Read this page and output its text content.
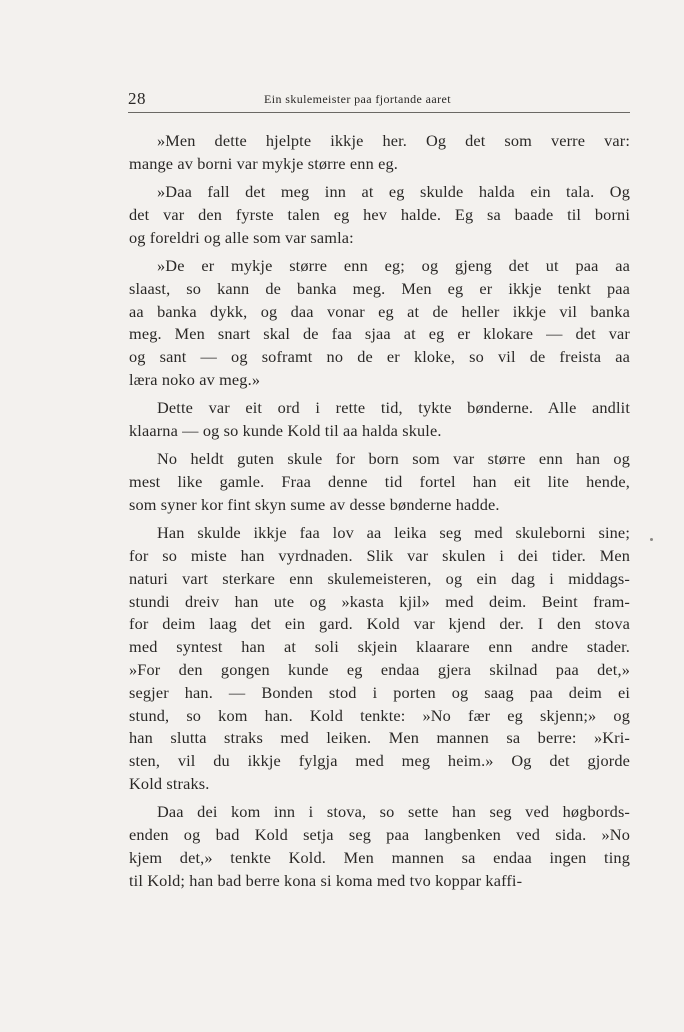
28	Ein skulemeister paa fjortande aaret

»Men dette hjelpte ikkje her. Og det som verre var:
mange av borni var mykje større enn eg.

»Daa fall det meg inn at eg skulde halda ein tala. Og
det var den fyrste talen eg hev halde. Eg sa baade til borni
og foreldri og alle som var samla:

»De er mykje større enn eg; og gjeng det ut paa aa
slaast, so kann de banka meg. Men eg er ikkje tenkt paa
aa banka dykk, og daa vonar eg at de heller ikkje vil banka
meg. Men snart skal de faa sjaa at eg er klokare — det var
og sant — og soframt no de er kloke, so vil de freista aa
læra noko av meg.»

Dette var eit ord i rette tid, tykte bønderne. Alle andlit
klaarna — og so kunde Kold til aa halda skule.

No heldt guten skule for born som var større enn han og
mest like gamle. Fraa denne tid fortel han eit lite hende,
som syner kor fint skyn sume av desse bønderne hadde.

Han skulde ikkje faa lov aa leika seg med skuleborni sine;
for so miste han vyrdnaden. Slik var skulen i dei tider. Men
naturi vart sterkare enn skulemeisteren, og ein dag i middags-
stundi dreiv han ute og »kasta kjil» med deim. Beint fram-
for deim laag det ein gard. Kold var kjend der. I den stova
med syntest han at soli skjein klaarare enn andre stader.
»For den gongen kunde eg endaa gjera skilnad paa det,»
segjer han. — Bonden stod i porten og saag paa deim ei
stund, so kom han. Kold tenkte: »No fær eg skjenn;» og
han slutta straks med leiken. Men mannen sa berre: »Kri-
sten, vil du ikkje fylgja med meg heim.» Og det gjorde
Kold straks.

Daa dei kom inn i stova, so sette han seg ved høgbords-
enden og bad Kold setja seg paa langbenken ved sida. »No
kjem det,» tenkte Kold. Men mannen sa endaa ingen ting
til Kold; han bad berre kona si koma med tvo koppar kaffi-
